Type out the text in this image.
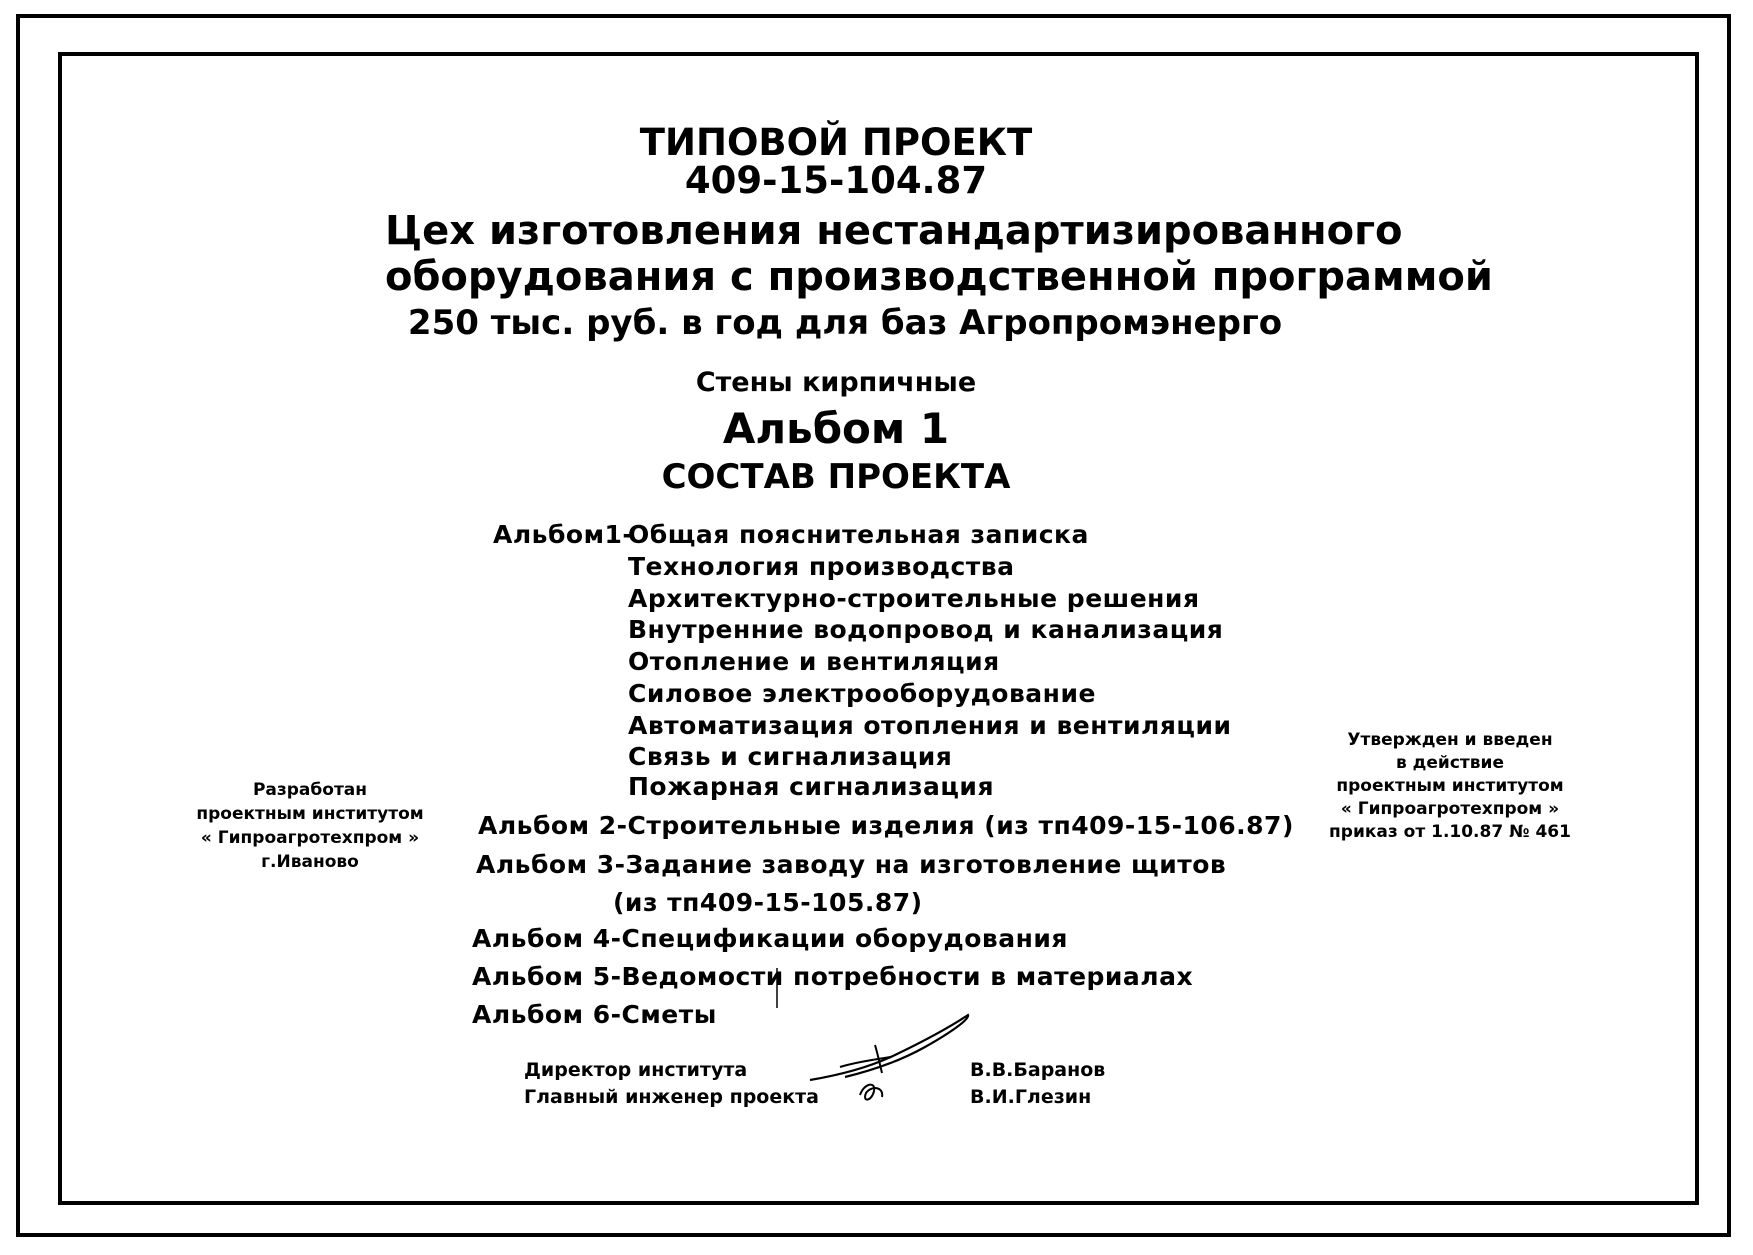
ТИПОВОЙ ПРОЕКТ
409-15-104.87
Цех изготовления нестандартизированного
оборудования с производственной программой
250 тыс. руб. в год для баз Агропромэнерго
Стены кирпичные
Альбом 1
СОСТАВ ПРОЕКТА
Альбом1-
Общая пояснительная записка
Технология производства
Архитектурно-строительные решения
Внутренние водопровод и канализация
Отопление и вентиляция
Силовое электрооборудование
Автоматизация отопления и вентиляции
Связь и сигнализация
Пожарная сигнализация
Альбом 2-Строительные изделия (из тп409-15-106.87)
Альбом 3-Задание заводу на изготовление щитов
(из тп409-15-105.87)
Альбом 4-Спецификации оборудования
Альбом 5-Ведомости потребности в материалах
Альбом 6-Сметы
Разработан
проектным институтом
« Гипроагротехпром »
г.Иваново
Утвержден и введен
в действие
проектным институтом
« Гипроагротехпром »
приказ от 1.10.87 № 461
Директор института
Главный инженер проекта
В.В.Баранов
В.И.Глезин
